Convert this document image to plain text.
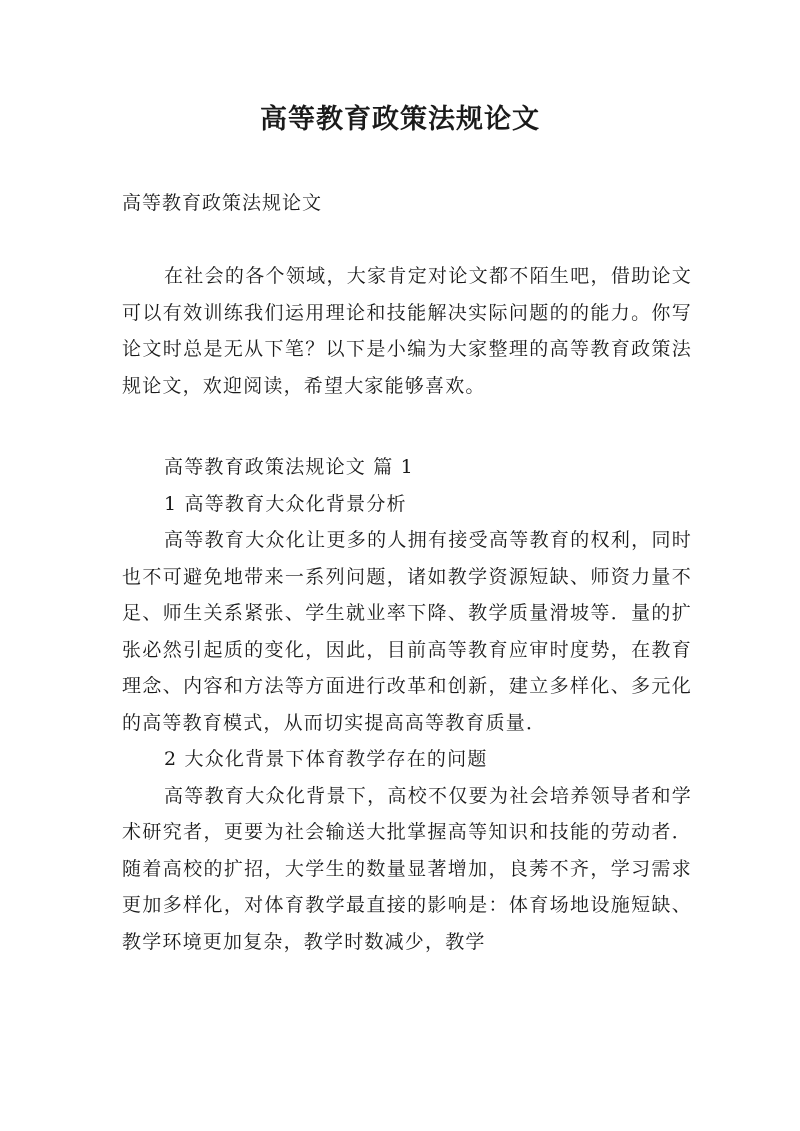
高等教育政策法规论文
高等教育政策法规论文

在社会的各个领域，大家肯定对论文都不陌生吧，借助论文可以有效训练我们运用理论和技能解决实际问题的的能力。你写论文时总是无从下笔？以下是小编为大家整理的高等教育政策法规论文，欢迎阅读，希望大家能够喜欢。

高等教育政策法规论文 篇 1

1 高等教育大众化背景分析

高等教育大众化让更多的人拥有接受高等教育的权利，同时也不可避免地带来一系列问题，诸如教学资源短缺、师资力量不足、师生关系紧张、学生就业率下降、教学质量滑坡等．量的扩张必然引起质的变化，因此，目前高等教育应审时度势，在教育理念、内容和方法等方面进行改革和创新，建立多样化、多元化的高等教育模式，从而切实提高高等教育质量．

2 大众化背景下体育教学存在的问题

高等教育大众化背景下，高校不仅要为社会培养领导者和学术研究者，更要为社会输送大批掌握高等知识和技能的劳动者．随着高校的扩招，大学生的数量显著增加，良莠不齐，学习需求更加多样化，对体育教学最直接的影响是：体育场地设施短缺、教学环境更加复杂，教学时数减少，教学
